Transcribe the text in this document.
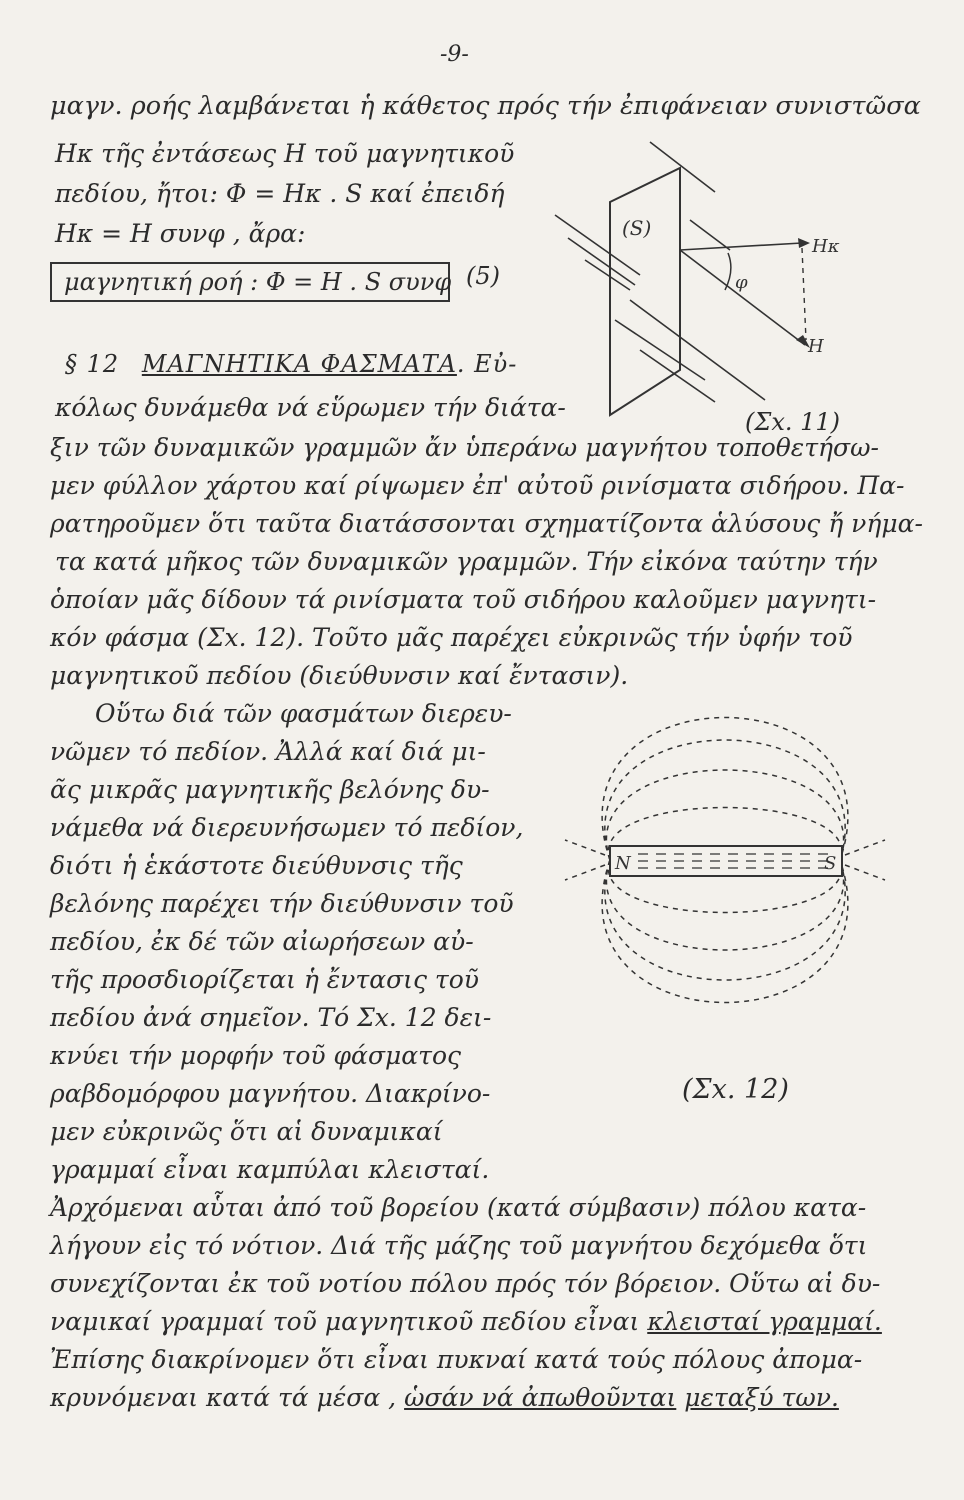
-9-
μαγν. ροής λαμβάνεται ἡ κάθετος πρός τήν ἐπιφάνειαν συνιστῶσα
Hκ τῆς ἐντάσεως H τοῦ μαγνητικοῦ
πεδίου, ἤτοι: Φ = Hκ . S καί ἐπειδή
Hκ = H συνφ , ἄρα:
μαγνητική ροή : Φ = H . S συνφ (5)
(S)
Hκ
H
φ
(Σx. 11)
§ 12 ΜΑΓΝΗΤΙΚΑ ΦΑΣΜΑΤΑ. Εὐ-
κόλως δυνάμεθα νά εὕρωμεν τήν διάτα-
ξιν τῶν δυναμικῶν γραμμῶν ἄν ὑπεράνω μαγνήτου τοποθετήσω-
μεν φύλλον χάρτου καί ρίψωμεν ἐπ' αὐτοῦ ρινίσματα σιδήρου. Πα-
ρατηροῦμεν ὅτι ταῦτα διατάσσονται σχηματίζοντα ἁλύσους ἤ νήμα-
τα κατά μῆκος τῶν δυναμικῶν γραμμῶν. Τήν εἰκόνα ταύτην τήν
ὁποίαν μᾶς δίδουν τά ρινίσματα τοῦ σιδήρου καλοῦμεν μαγνητι-
κόν φάσμα (Σx. 12). Τοῦτο μᾶς παρέχει εὐκρινῶς τήν ὑφήν τοῦ
μαγνητικοῦ πεδίου (διεύθυνσιν καί ἔντασιν).
Οὕτω διά τῶν φασμάτων διερευ-
νῶμεν τό πεδίον. Ἀλλά καί διά μι-
ᾶς μικρᾶς μαγνητικῆς βελόνης δυ-
νάμεθα νά διερευνήσωμεν τό πεδίον,
διότι ἡ ἑκάστοτε διεύθυνσις τῆς
βελόνης παρέχει τήν διεύθυνσιν τοῦ
πεδίου, ἐκ δέ τῶν αἰωρήσεων αὐ-
τῆς προσδιορίζεται ἡ ἔντασις τοῦ
πεδίου ἀνά σημεῖον. Τό Σx. 12 δει-
κνύει τήν μορφήν τοῦ φάσματος
ραβδομόρφου μαγνήτου. Διακρίνο-
μεν εὐκρινῶς ὅτι αἱ δυναμικαί
γραμμαί εἶναι καμπύλαι κλεισταί.
N	S
(Σx. 12)
Ἀρχόμεναι αὗται ἀπό τοῦ βορείου (κατά σύμβασιν) πόλου κατα-
λήγουν εἰς τό νότιον. Διά τῆς μάζης τοῦ μαγνήτου δεχόμεθα ὅτι
συνεχίζονται ἐκ τοῦ νοτίου πόλου πρός τόν βόρειον. Οὕτω αἱ δυ-
ναμικαί γραμμαί τοῦ μαγνητικοῦ πεδίου εἶναι κλεισταί γραμμαί.
Ἐπίσης διακρίνομεν ὅτι εἶναι πυκναί κατά τούς πόλους ἀπομα-
κρυνόμεναι κατά τά μέσα , ὡσάν νά ἀπωθοῦνται μεταξύ των.
